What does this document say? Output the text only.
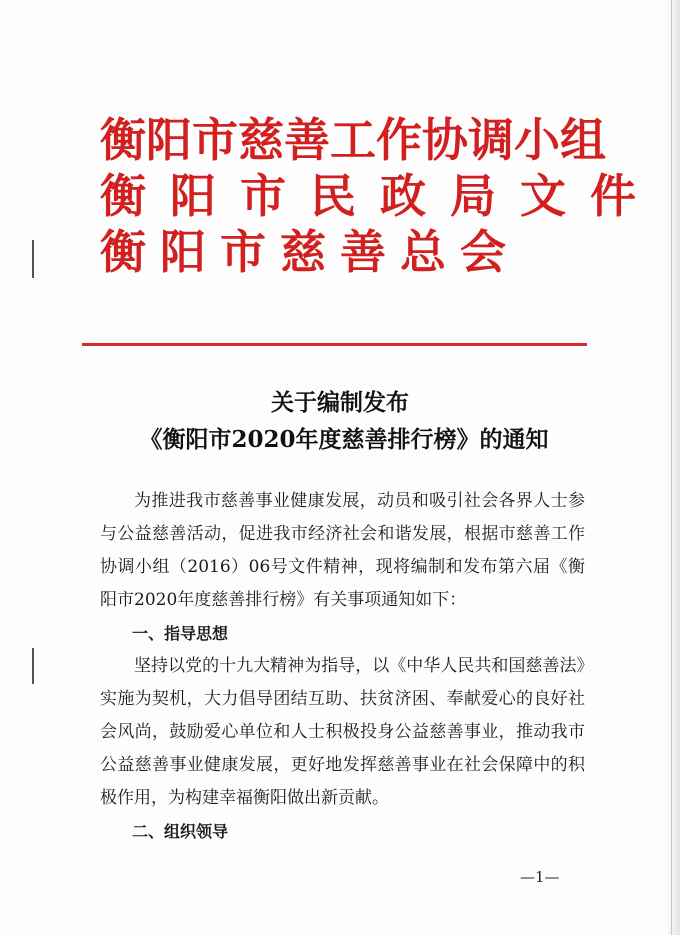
衡阳市慈善工作协调小组
衡阳市民政局文件
衡阳市慈善总会
关于编制发布
《衡阳市2020年度慈善排行榜》的通知

为推进我市慈善事业健康发展，动员和吸引社会各界人士参与公益慈善活动，促进我市经济社会和谐发展，根据市慈善工作协调小组（2016）06号文件精神，现将编制和发布第六届《衡阳市2020年度慈善排行榜》有关事项通知如下：

一、指导思想

坚持以党的十九大精神为指导，以《中华人民共和国慈善法》实施为契机，大力倡导团结互助、扶贫济困、奉献爱心的良好社会风尚，鼓励爱心单位和人士积极投身公益慈善事业，推动我市公益慈善事业健康发展，更好地发挥慈善事业在社会保障中的积极作用，为构建幸福衡阳做出新贡献。

二、组织领导

—1—
